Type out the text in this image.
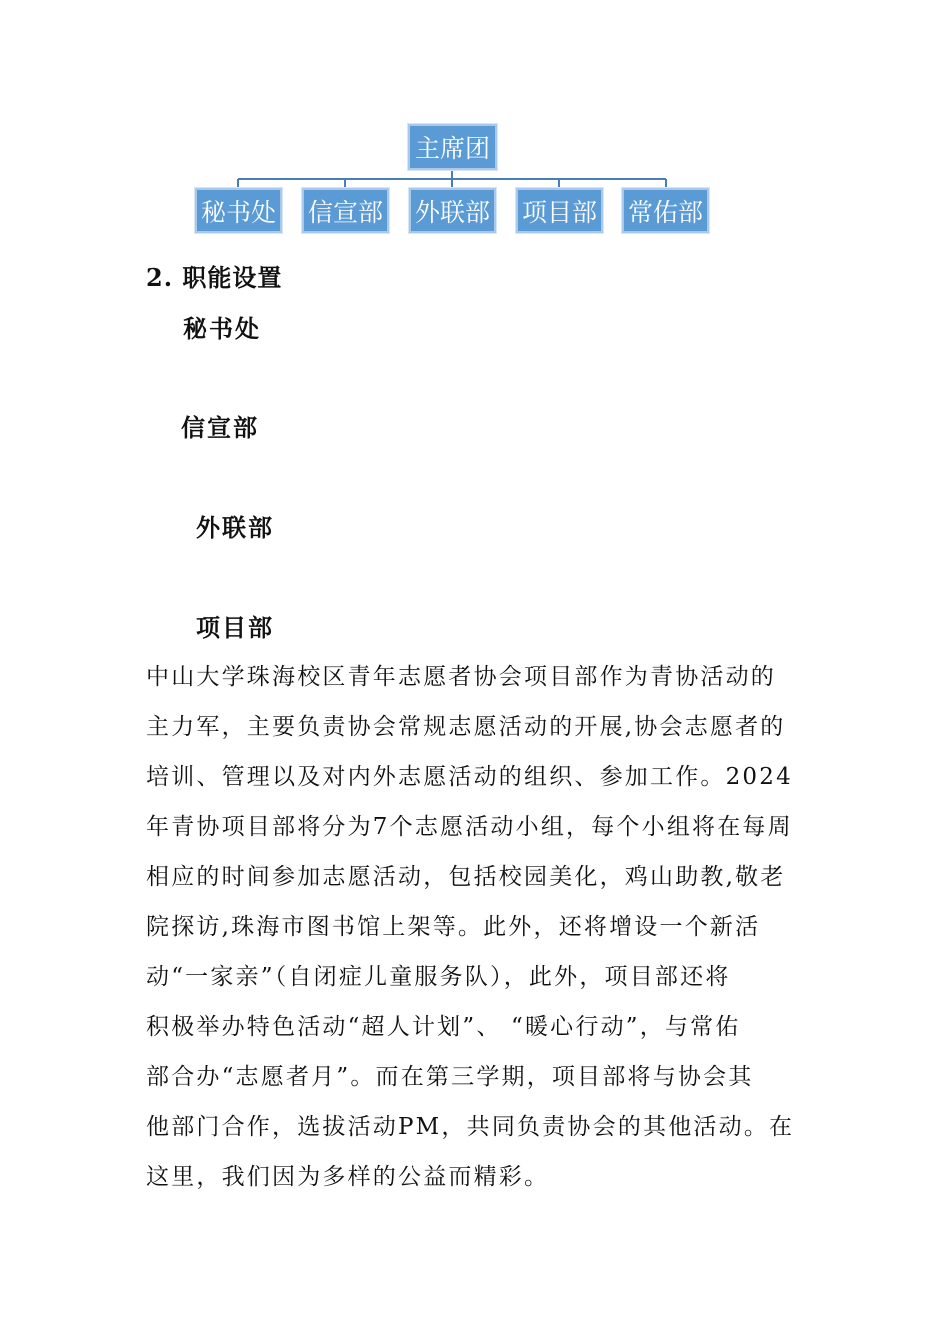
主席团
秘书处 信宣部 外联部 项目部 常佑部
2. 职能设置
秘书处
信宣部
外联部
项目部
中山大学珠海校区青年志愿者协会项目部作为青协活动的
主力军，主要负责协会常规志愿活动的开展,协会志愿者的
培训、管理以及对内外志愿活动的组织、参加工作。2024
年青协项目部将分为7个志愿活动小组，每个小组将在每周
相应的时间参加志愿活动，包括校园美化，鸡山助教,敬老
院探访,珠海市图书馆上架等。此外，还将增设一个新活
动“一家亲”（自闭症儿童服务队），此外，项目部还将
积极举办特色活动“超人计划”、 “暖心行动”，与常佑
部合办“志愿者月”。而在第三学期，项目部将与协会其
他部门合作，选拔活动PM，共同负责协会的其他活动。在
这里，我们因为多样的公益而精彩。
